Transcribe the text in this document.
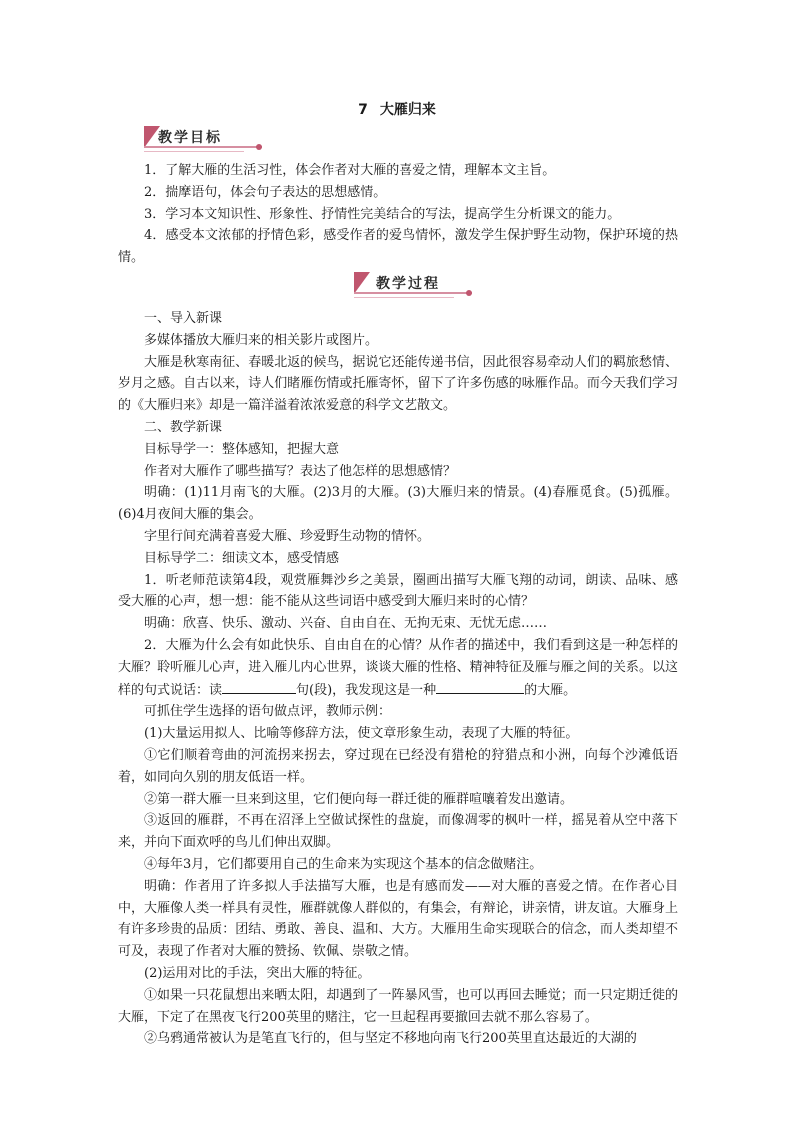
7 大雁归来
教学目标
教学过程

1．了解大雁的生活习性，体会作者对大雁的喜爱之情，理解本文主旨。

2．揣摩语句，体会句子表达的思想感情。

3．学习本文知识性、形象性、抒情性完美结合的写法，提高学生分析课文的能力。

4．感受本文浓郁的抒情色彩，感受作者的爱鸟情怀，激发学生保护野生动物，保护环境的热情。

一、导入新课

多媒体播放大雁归来的相关影片或图片。

大雁是秋寒南征、春暖北返的候鸟，据说它还能传递书信，因此很容易牵动人们的羁旅愁情、岁月之感。自古以来，诗人们睹雁伤情或托雁寄怀，留下了许多伤感的咏雁作品。而今天我们学习的《大雁归来》却是一篇洋溢着浓浓爱意的科学文艺散文。

二、教学新课

目标导学一：整体感知，把握大意

作者对大雁作了哪些描写？表达了他怎样的思想感情？

明确：(1)11月南飞的大雁。(2)3月的大雁。(3)大雁归来的情景。(4)春雁觅食。(5)孤雁。(6)4月夜间大雁的集会。

字里行间充满着喜爱大雁、珍爱野生动物的情怀。

目标导学二：细读文本，感受情感

1．听老师范读第4段，观赏雁舞沙乡之美景，圈画出描写大雁飞翔的动词，朗读、品味、感受大雁的心声，想一想：能不能从这些词语中感受到大雁归来时的心情？

明确：欣喜、快乐、激动、兴奋、自由自在、无拘无束、无忧无虑……

2．大雁为什么会有如此快乐、自由自在的心情？从作者的描述中，我们看到这是一种怎样的大雁？聆听雁儿心声，进入雁儿内心世界，谈谈大雁的性格、精神特征及雁与雁之间的关系。以这样的句式说话：读	句(段)，我发现这是一种	的大雁。

可抓住学生选择的语句做点评，教师示例：

(1)大量运用拟人、比喻等修辞方法，使文章形象生动，表现了大雁的特征。

①它们顺着弯曲的河流拐来拐去，穿过现在已经没有猎枪的狩猎点和小洲，向每个沙滩低语着，如同向久别的朋友低语一样。

②第一群大雁一旦来到这里，它们便向每一群迁徙的雁群喧嚷着发出邀请。

③返回的雁群，不再在沼泽上空做试探性的盘旋，而像凋零的枫叶一样，摇晃着从空中落下来，并向下面欢呼的鸟儿们伸出双脚。

④每年3月，它们都要用自己的生命来为实现这个基本的信念做赌注。

明确：作者用了许多拟人手法描写大雁，也是有感而发——对大雁的喜爱之情。在作者心目中，大雁像人类一样具有灵性，雁群就像人群似的，有集会，有辩论，讲亲情，讲友谊。大雁身上有许多珍贵的品质：团结、勇敢、善良、温和、大方。大雁用生命实现联合的信念，而人类却望不可及，表现了作者对大雁的赞扬、钦佩、崇敬之情。

(2)运用对比的手法，突出大雁的特征。

①如果一只花鼠想出来晒太阳，却遇到了一阵暴风雪，也可以再回去睡觉；而一只定期迁徙的大雁，下定了在黑夜飞行200英里的赌注，它一旦起程再要撤回去就不那么容易了。

②乌鸦通常被认为是笔直飞行的，但与坚定不移地向南飞行200英里直达最近的大湖的
